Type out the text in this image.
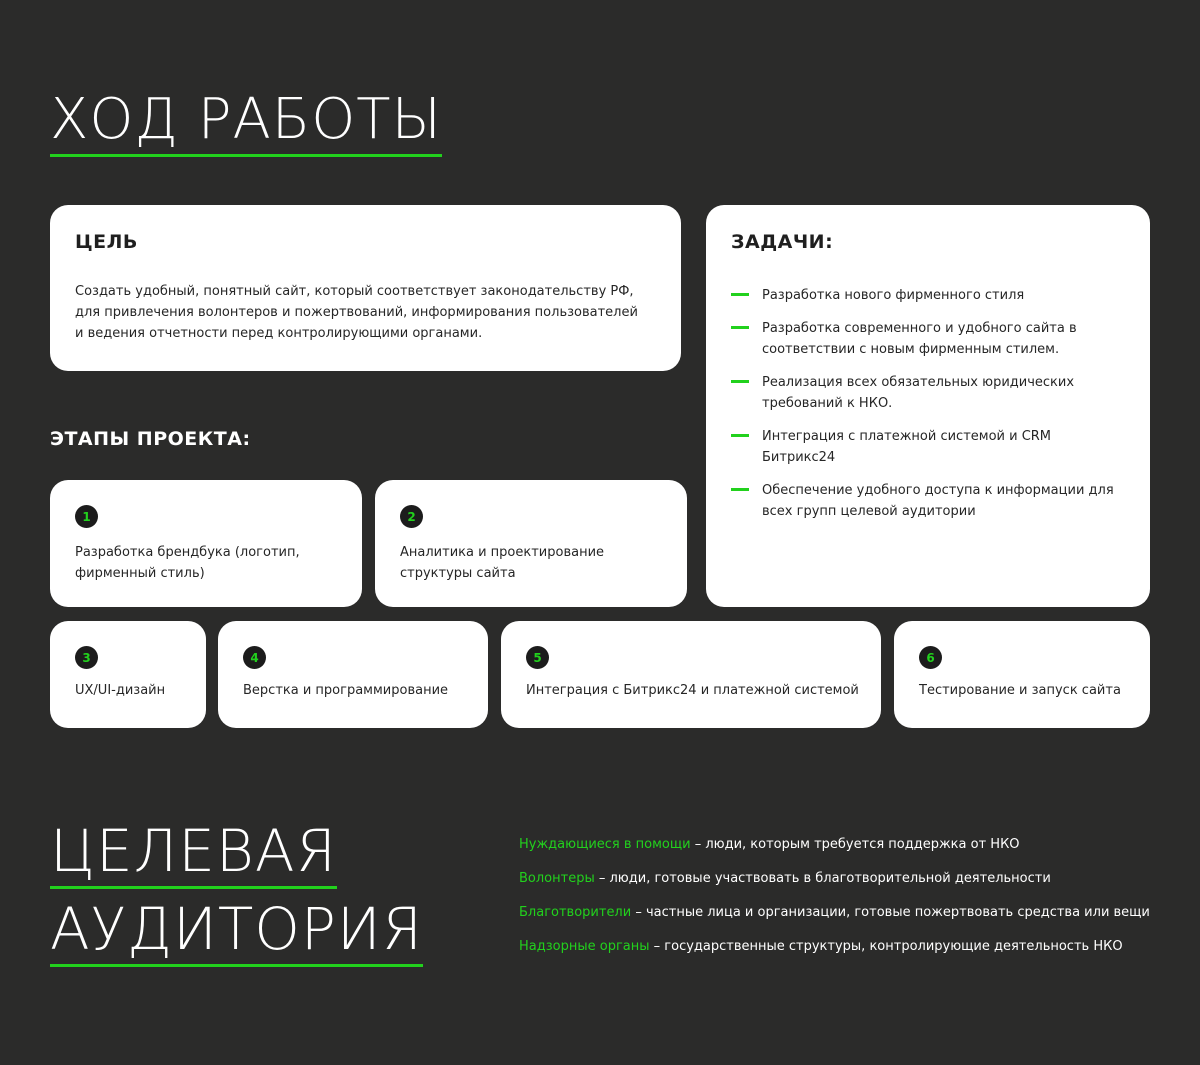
ХОД РАБОТЫ
ЦЕЛЬ

Создать удобный, понятный сайт, который соответствует законодательству РФ, для привлечения волонтеров и пожертвований, информирования пользователей и ведения отчетности перед контролирующими органами.

ЗАДАЧИ:
Разработка нового фирменного стиля
Разработка современного и удобного сайта в соответствии с новым фирменным стилем.
Реализация всех обязательных юридических требований к НКО.
Интеграция с платежной системой и CRM Битрикс24
Обеспечение удобного доступа к информации для всех групп целевой аудитории
ЭТАПЫ ПРОЕКТА:
1
Разработка брендбука (логотип, фирменный стиль)
2
Аналитика и проектирование структуры сайта
3
UX/UI-дизайн
4
Верстка и программирование
5
Интеграция с Битрикс24 и платежной системой
6
Тестирование и запуск сайта
ЦЕЛЕВАЯ
АУДИТОРИЯ
Нуждающиеся в помощи – люди, которым требуется поддержка от НКО
Волонтеры – люди, готовые участвовать в благотворительной деятельности
Благотворители – частные лица и организации, готовые пожертвовать средства или вещи
Надзорные органы – государственные структуры, контролирующие деятельность НКО
